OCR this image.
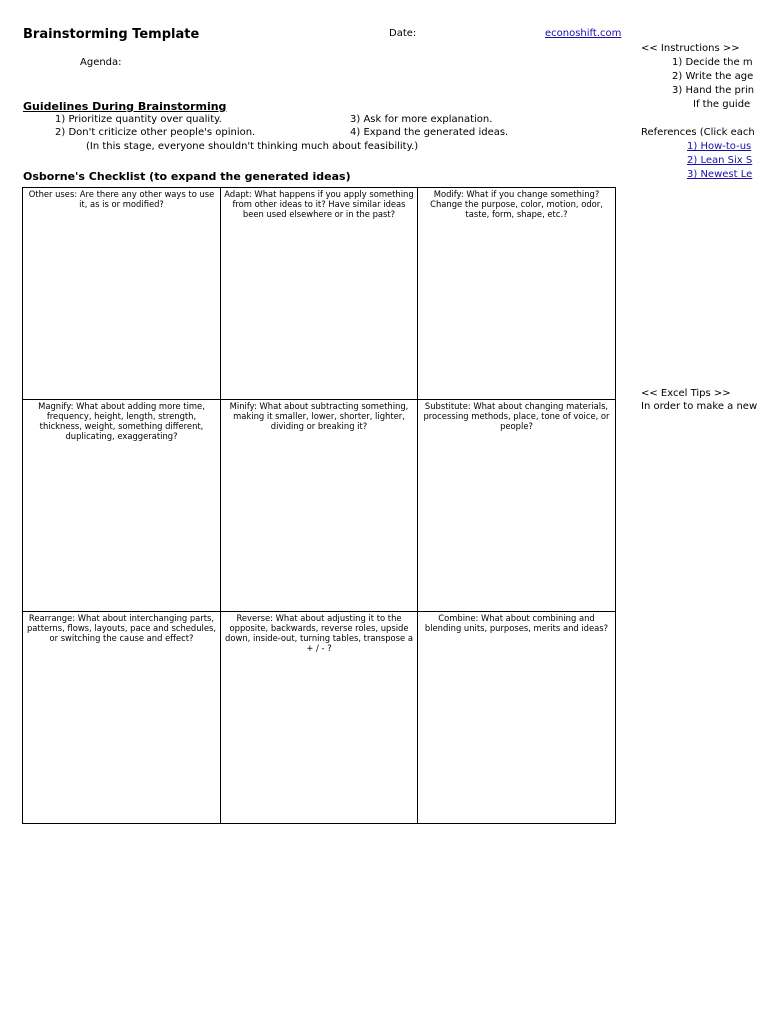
Brainstorming Template	Date:	econoshift.com
Agenda:
Guidelines During Brainstorming
1) Prioritize quantity over quality.
2) Don't criticize other people's opinion.
3) Ask for more explanation.
4) Expand the generated ideas.
(In this stage, everyone shouldn't thinking much about feasibility.)
Osborne's Checklist (to expand the generated ideas)
Other uses: Are there any other ways to use it, as is or modified?
Adapt: What happens if you apply something from other ideas to it? Have similar ideas been used elsewhere or in the past?
Modify: What if you change something? Change the purpose, color, motion, odor, taste, form, shape, etc.?
Magnify: What about adding more time, frequency, height, length, strength, thickness, weight, something different, duplicating, exaggerating?
Minify: What about subtracting something, making it smaller, lower, shorter, lighter, dividing or breaking it?
Substitute: What about changing materials, processing methods, place, tone of voice, or people?
Rearrange: What about interchanging parts, patterns, flows, layouts, pace and schedules, or switching the cause and effect?
Reverse: What about adjusting it to the opposite, backwards, reverse roles, upside down, inside-out, turning tables, transpose a + / - ?
Combine: What about combining and blending units, purposes, merits and ideas?
<< Instructions >>
1) Decide the m
2) Write the age
3) Hand the prin
If the guide
References (Click each
1) How-to-us
2) Lean Six S
3) Newest Le
<< Excel Tips >>
In order to make a new
